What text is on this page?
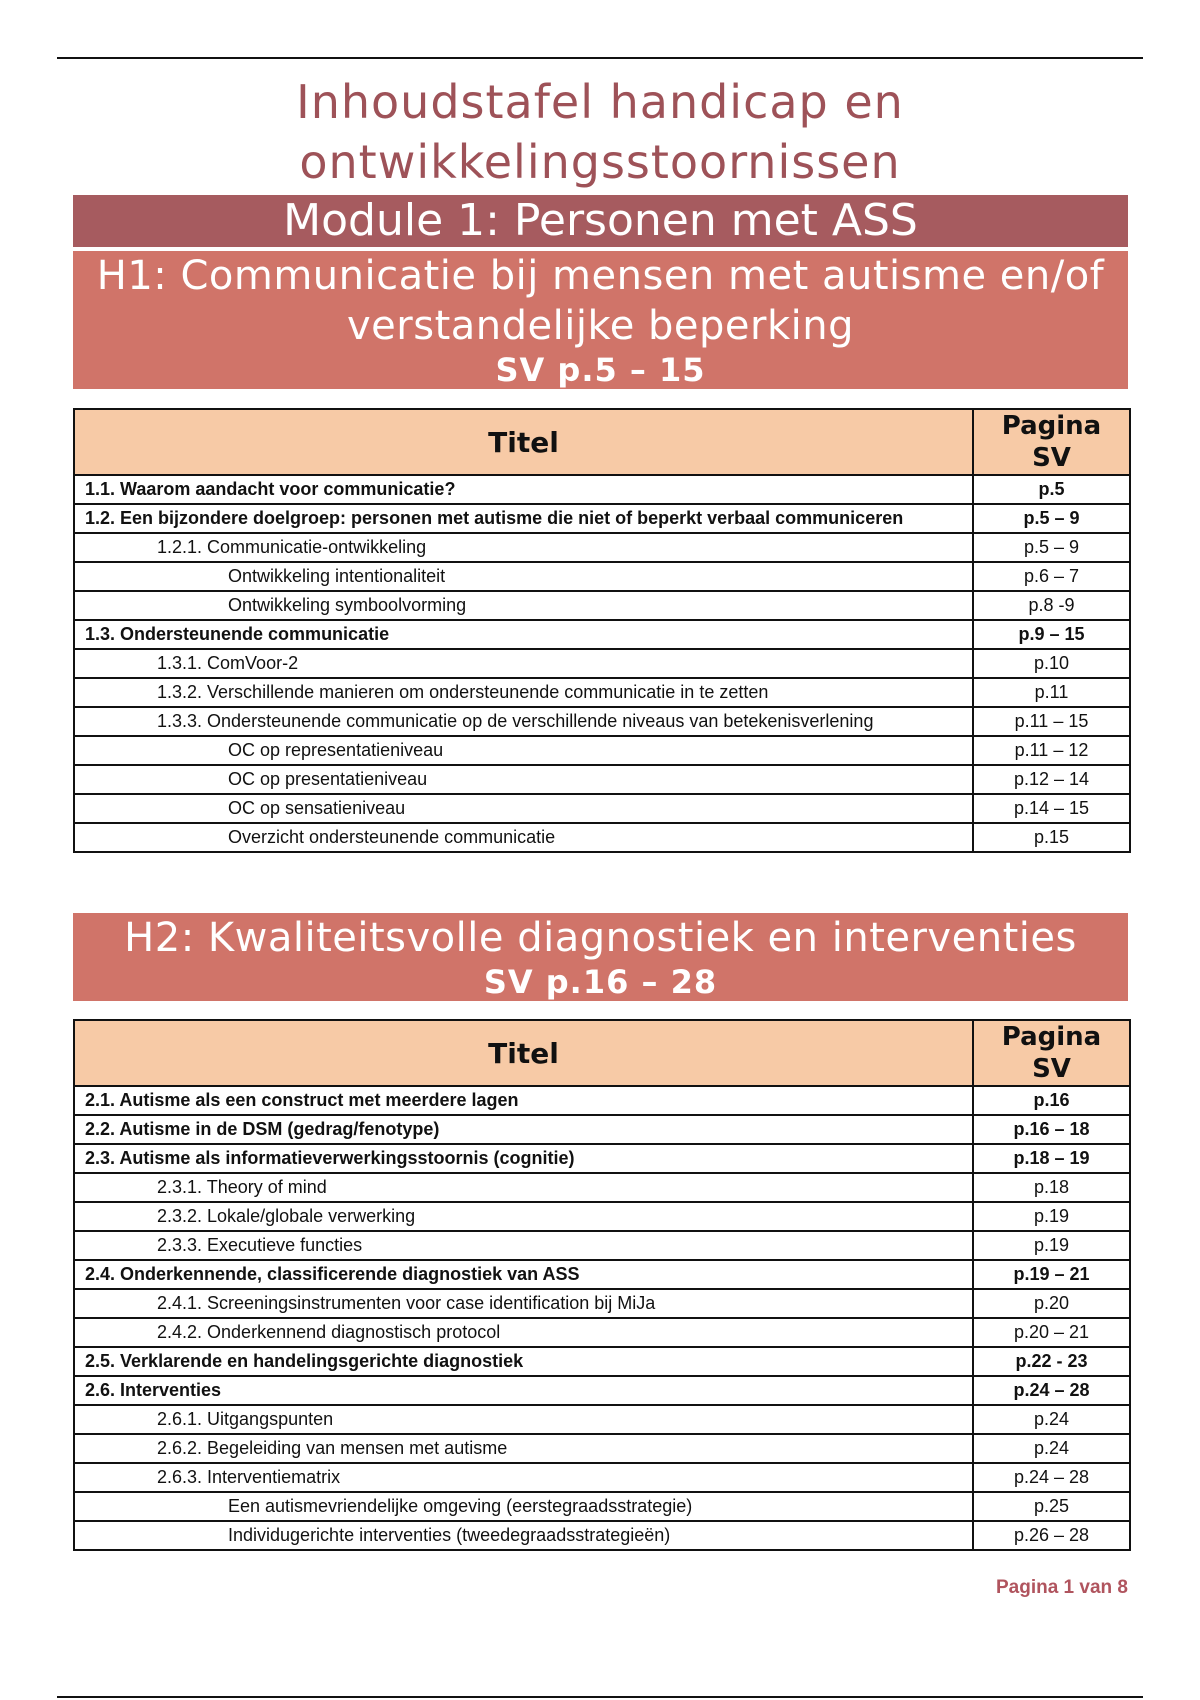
Inhoudstafel handicap en
ontwikkelingsstoornissen
Module 1: Personen met ASS
H1: Communicatie bij mensen met autisme en/of
verstandelijke beperking
SV p.5 – 15
Titel	Pagina
SV

1.1. Waarom aandacht voor communicatie?	p.5
1.2. Een bijzondere doelgroep: personen met autisme die niet of beperkt verbaal communiceren	p.5 – 9
1.2.1. Communicatie-ontwikkeling	p.5 – 9
Ontwikkeling intentionaliteit	p.6 – 7
Ontwikkeling symboolvorming	p.8 -9
1.3. Ondersteunende communicatie	p.9 – 15
1.3.1. ComVoor-2	p.10
1.3.2. Verschillende manieren om ondersteunende communicatie in te zetten	p.11
1.3.3. Ondersteunende communicatie op de verschillende niveaus van betekenisverlening	p.11 – 15
OC op representatieniveau	p.11 – 12
OC op presentatieniveau	p.12 – 14
OC op sensatieniveau	p.14 – 15
Overzicht ondersteunende communicatie	p.15
H2: Kwaliteitsvolle diagnostiek en interventies
SV p.16 – 28
Titel	Pagina
SV

2.1. Autisme als een construct met meerdere lagen	p.16
2.2. Autisme in de DSM (gedrag/fenotype)	p.16 – 18
2.3. Autisme als informatieverwerkingsstoornis (cognitie)	p.18 – 19
2.3.1. Theory of mind	p.18
2.3.2. Lokale/globale verwerking	p.19
2.3.3. Executieve functies	p.19
2.4. Onderkennende, classificerende diagnostiek van ASS	p.19 – 21
2.4.1. Screeningsinstrumenten voor case identification bij MiJa	p.20
2.4.2. Onderkennend diagnostisch protocol	p.20 – 21
2.5. Verklarende en handelingsgerichte diagnostiek	p.22 - 23
2.6. Interventies	p.24 – 28
2.6.1. Uitgangspunten	p.24
2.6.2. Begeleiding van mensen met autisme	p.24
2.6.3. Interventiematrix	p.24 – 28
Een autismevriendelijke omgeving (eerstegraadsstrategie)	p.25
Individugerichte interventies (tweedegraadsstrategieën)	p.26 – 28
Pagina 1 van 8
